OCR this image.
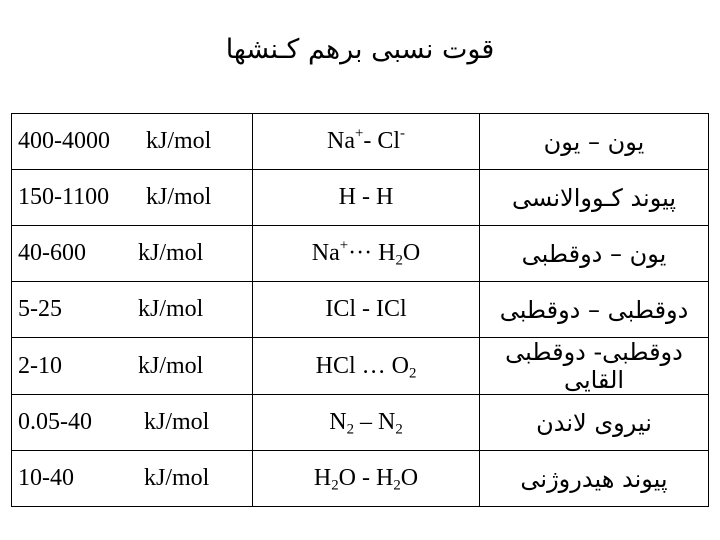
قوت نسبی برهم کـنشها
400-4000 kJ/mol	Na+- Cl-	یون – یون

150-1100 kJ/mol	H - H	پیوند کـووالانسی

40-600 kJ/mol	$Na^+\cdot\cdot\cdot H_2O$	یون – دوقطبی

5-25 kJ/mol	ICl - ICl	دوقطبی – دوقطبی

2-10 kJ/mol	HCl … $O_2$	دوقطبی- دوقطبی القایی

0.05-40 kJ/mol	$N_2 - N_2$	نیروی لاندن

10-40 kJ/mol	$H_2O - H_2O$	پیوند هیدروژنی
